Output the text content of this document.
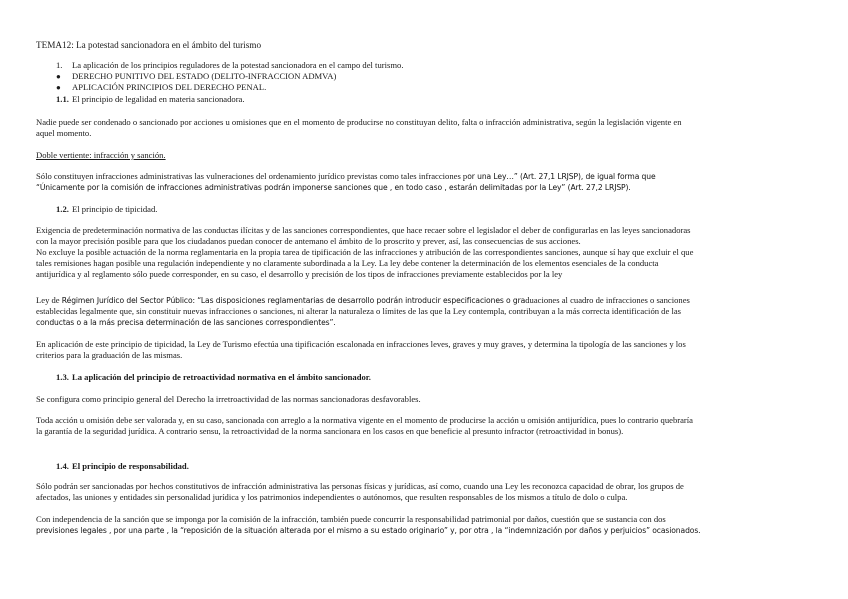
TEMA12: La potestad sancionadora en el ámbito del turismo
1. La aplicación de los principios reguladores de la potestad sancionadora en el campo del turismo.
● DERECHO PUNITIVO DEL ESTADO (DELITO-INFRACCION ADMVA)
● APLICACIÓN PRINCIPIOS DEL DERECHO PENAL.
1.1. El principio de legalidad en materia sancionadora.
Nadie puede ser condenado o sancionado por acciones u omisiones que en el momento de producirse no constituyan delito, falta o infracción administrativa, según la legislación vigente en
aquel momento.
Doble vertiente: infracción y sanción.
Sólo constituyen infracciones administrativas las vulneraciones del ordenamiento jurídico previstas como tales infracciones por una Ley…” (Art. 27,1 LRJSP), de igual forma que
“Únicamente por la comisión de infracciones administrativas podrán imponerse sanciones que , en todo caso , estarán delimitadas por la Ley” (Art. 27,2 LRJSP).
1.2. El principio de tipicidad.
Exigencia de predeterminación normativa de las conductas ilícitas y de las sanciones correspondientes, que hace recaer sobre el legislador el deber de configurarlas en las leyes sancionadoras
con la mayor precisión posible para que los ciudadanos puedan conocer de antemano el ámbito de lo proscrito y prever, así, las consecuencias de sus acciones.
No excluye la posible actuación de la norma reglamentaria en la propia tarea de tipificación de las infracciones y atribución de las correspondientes sanciones, aunque sí hay que excluir el que
tales remisiones hagan posible una regulación independiente y no claramente subordinada a la Ley. La ley debe contener la determinación de los elementos esenciales de la conducta
antijurídica y al reglamento sólo puede corresponder, en su caso, el desarrollo y precisión de los tipos de infracciones previamente establecidos por la ley
Ley de Régimen Jurídico del Sector Público: “Las disposiciones reglamentarias de desarrollo podrán introducir especificaciones o graduaciones al cuadro de infracciones o sanciones
establecidas legalmente que, sin constituir nuevas infracciones o sanciones, ni alterar la naturaleza o límites de las que la Ley contempla, contribuyan a la más correcta identificación de las
conductas o a la más precisa determinación de las sanciones correspondientes”.
En aplicación de este principio de tipicidad, la Ley de Turismo efectúa una tipificación escalonada en infracciones leves, graves y muy graves, y determina la tipología de las sanciones y los
criterios para la graduación de las mismas.
1.3. La aplicación del principio de retroactividad normativa en el ámbito sancionador.
Se configura como principio general del Derecho la irretroactividad de las normas sancionadoras desfavorables.
Toda acción u omisión debe ser valorada y, en su caso, sancionada con arreglo a la normativa vigente en el momento de producirse la acción u omisión antijurídica, pues lo contrario quebraría
la garantía de la seguridad jurídica. A contrario sensu, la retroactividad de la norma sancionara en los casos en que beneficie al presunto infractor (retroactividad in bonus).
1.4. El principio de responsabilidad.
Sólo podrán ser sancionadas por hechos constitutivos de infracción administrativa las personas físicas y jurídicas, así como, cuando una Ley les reconozca capacidad de obrar, los grupos de
afectados, las uniones y entidades sin personalidad jurídica y los patrimonios independientes o autónomos, que resulten responsables de los mismos a título de dolo o culpa.
Con independencia de la sanción que se imponga por la comisión de la infracción, también puede concurrir la responsabilidad patrimonial por daños, cuestión que se sustancia con dos
previsiones legales , por una parte , la “reposición de la situación alterada por el mismo a su estado originario” y, por otra , la “indemnización por daños y perjuicios” ocasionados.
